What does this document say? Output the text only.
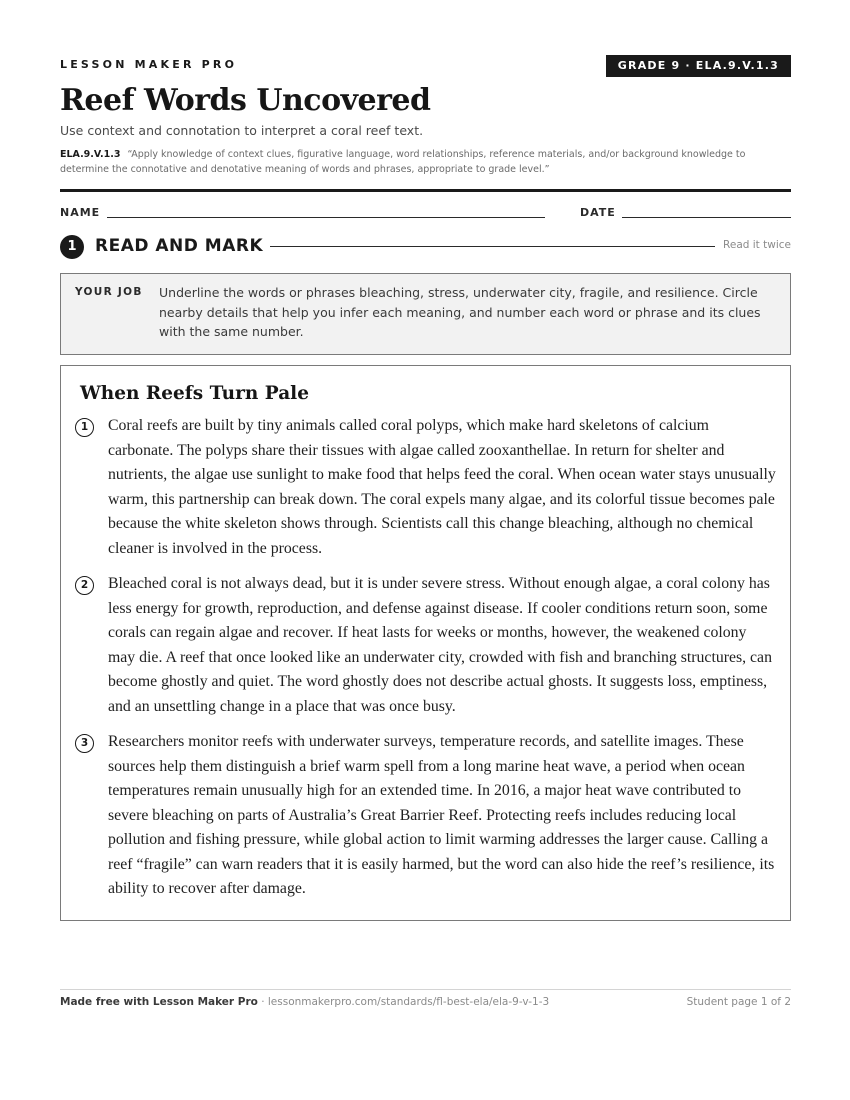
LESSON MAKER PRO	GRADE 9 · ELA.9.V.1.3
Reef Words Uncovered
Use context and connotation to interpret a coral reef text.
ELA.9.V.1.3 “Apply knowledge of context clues, figurative language, word relationships, reference materials, and/or background knowledge to determine the connotative and denotative meaning of words and phrases, appropriate to grade level.”
NAME	DATE
1	READ AND MARK	Read it twice
YOUR JOB Underline the words or phrases bleaching, stress, underwater city, fragile, and resilience. Circle nearby details that help you infer each meaning, and number each word or phrase and its clues with the same number.
When Reefs Turn Pale
1	Coral reefs are built by tiny animals called coral polyps, which make hard skeletons of calcium carbonate. The polyps share their tissues with algae called zooxanthellae. In return for shelter and nutrients, the algae use sunlight to make food that helps feed the coral. When ocean water stays unusually warm, this partnership can break down. The coral expels many algae, and its colorful tissue becomes pale because the white skeleton shows through. Scientists call this change bleaching, although no chemical cleaner is involved in the process.

2	Bleached coral is not always dead, but it is under severe stress. Without enough algae, a coral colony has less energy for growth, reproduction, and defense against disease. If cooler conditions return soon, some corals can regain algae and recover. If heat lasts for weeks or months, however, the weakened colony may die. A reef that once looked like an underwater city, crowded with fish and branching structures, can become ghostly and quiet. The word ghostly does not describe actual ghosts. It suggests loss, emptiness, and an unsettling change in a place that was once busy.

3	Researchers monitor reefs with underwater surveys, temperature records, and satellite images. These sources help them distinguish a brief warm spell from a long marine heat wave, a period when ocean temperatures remain unusually high for an extended time. In 2016, a major heat wave contributed to severe bleaching on parts of Australia’s Great Barrier Reef. Protecting reefs includes reducing local pollution and fishing pressure, while global action to limit warming addresses the larger cause. Calling a reef “fragile” can warn readers that it is easily harmed, but the word can also hide the reef’s resilience, its ability to recover after damage.

Made free with Lesson Maker Pro · lessonmakerpro.com/standards/fl-best-ela/ela-9-v-1-3	Student page 1 of 2
